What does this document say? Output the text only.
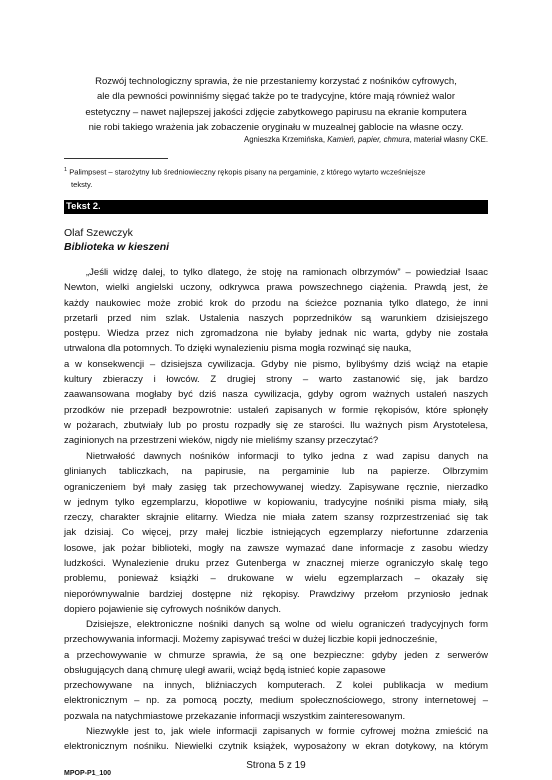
Rozwój technologiczny sprawia, że nie przestaniemy korzystać z nośników cyfrowych,
ale dla pewności powinniśmy sięgać także po te tradycyjne, które mają również walor
estetyczny – nawet najlepszej jakości zdjęcie zabytkowego papirusu na ekranie komputera
nie robi takiego wrażenia jak zobaczenie oryginału w muzealnej gablocie na własne oczy.

Agnieszka Krzemińska, Kamień, papier, chmura, materiał własny CKE.
$^1$ Palimpsest – starożytny lub średniowieczny rękopis pisany na pergaminie, z którego wytarto wcześniejsze
teksty.
Tekst 2.
Olaf Szewczyk
Biblioteka w kieszeni

„Jeśli widzę dalej, to tylko dlatego, że stoję na ramionach olbrzymów” – powiedział Isaac
Newton, wielki angielski uczony, odkrywca prawa powszechnego ciążenia. Prawdą jest, że
każdy naukowiec może zrobić krok do przodu na ścieżce poznania tylko dlatego, że inni
przetarli przed nim szlak. Ustalenia naszych poprzedników są warunkiem dzisiejszego
postępu. Wiedza przez nich zgromadzona nie byłaby jednak nic warta, gdyby nie została
utrwalona dla potomnych. To dzięki wynalezieniu pisma mogła rozwinąć się nauka,
a w konsekwencji – dzisiejsza cywilizacja. Gdyby nie pismo, bylibyśmy dziś wciąż na etapie
kultury zbieraczy i łowców. Z drugiej strony – warto zastanowić się, jak bardzo
zaawansowana mogłaby być dziś nasza cywilizacja, gdyby ogrom ważnych ustaleń naszych
przodków nie przepadł bezpowrotnie: ustaleń zapisanych w formie rękopisów, które spłonęły
w pożarach, zbutwiały lub po prostu rozpadły się ze starości. Ilu ważnych pism Arystotelesa,
zaginionych na przestrzeni wieków, nigdy nie mieliśmy szansy przeczytać?

Nietrwałość dawnych nośników informacji to tylko jedna z wad zapisu danych na
glinianych tabliczkach, na papirusie, na pergaminie lub na papierze. Olbrzymim
ograniczeniem był mały zasięg tak przechowywanej wiedzy. Zapisywane ręcznie, nierzadko
w jednym tylko egzemplarzu, kłopotliwe w kopiowaniu, tradycyjne nośniki pisma miały, siłą
rzeczy, charakter skrajnie elitarny. Wiedza nie miała zatem szansy rozprzestrzeniać się tak
jak dzisiaj. Co więcej, przy małej liczbie istniejących egzemplarzy niefortunne zdarzenia
losowe, jak pożar biblioteki, mogły na zawsze wymazać dane informacje z zasobu wiedzy
ludzkości. Wynalezienie druku przez Gutenberga w znacznej mierze ograniczyło skalę tego
problemu, ponieważ książki – drukowane w wielu egzemplarzach – okazały się
nieporównywalnie bardziej dostępne niż rękopisy. Prawdziwy przełom przyniosło jednak
dopiero pojawienie się cyfrowych nośników danych.

Dzisiejsze, elektroniczne nośniki danych są wolne od wielu ograniczeń tradycyjnych form
przechowywania informacji. Możemy zapisywać treści w dużej liczbie kopii jednocześnie,
a przechowywanie w chmurze sprawia, że są one bezpieczne: gdyby jeden z serwerów
obsługujących daną chmurę uległ awarii, wciąż będą istnieć kopie zapasowe
przechowywane na innych, bliźniaczych komputerach. Z kolei publikacja w medium
elektronicznym – np. za pomocą poczty, medium społecznościowego, strony internetowej –
pozwala na natychmiastowe przekazanie informacji wszystkim zainteresowanym.

Niezwykłe jest to, jak wiele informacji zapisanych w formie cyfrowej można zmieścić na
elektronicznym nośniku. Niewielki czytnik książek, wyposażony w ekran dotykowy, na którym

Strona 5 z 19
MPOP-P1_100
